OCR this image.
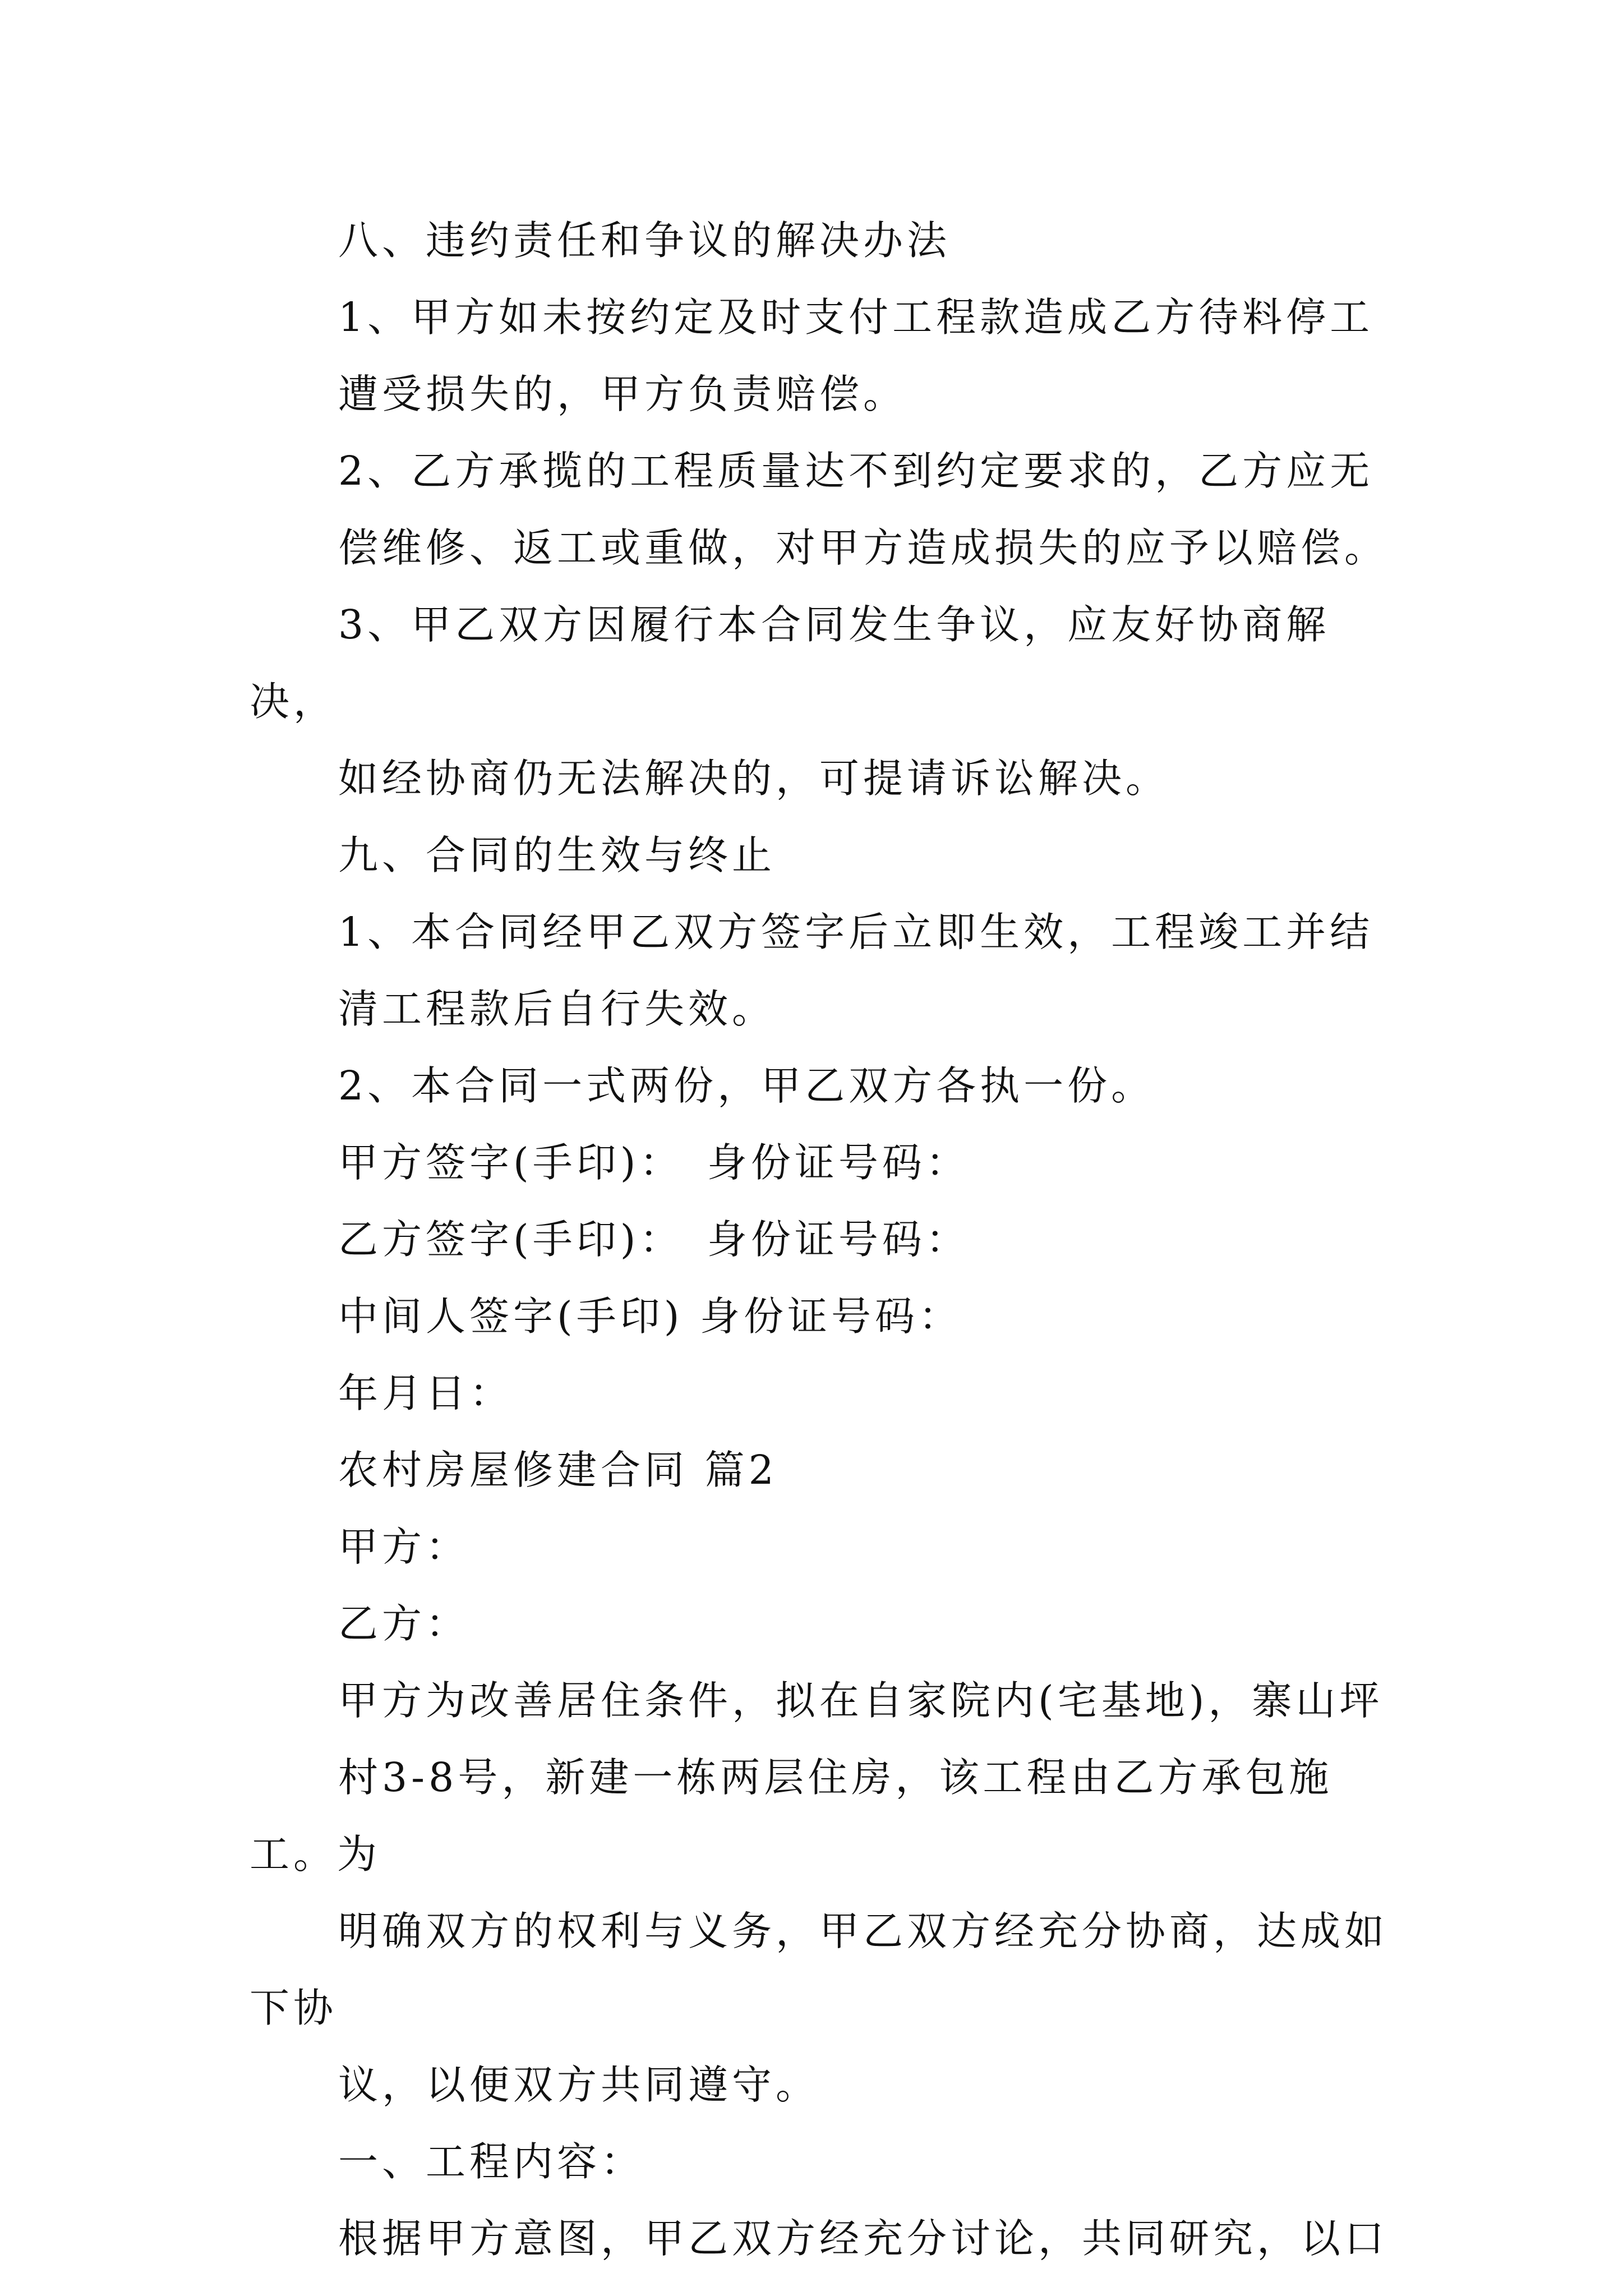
八、违约责任和争议的解决办法
1、甲方如未按约定及时支付工程款造成乙方待料停工
遭受损失的，甲方负责赔偿。
2、乙方承揽的工程质量达不到约定要求的，乙方应无
偿维修、返工或重做，对甲方造成损失的应予以赔偿。
3、甲乙双方因履行本合同发生争议，应友好协商解决，
如经协商仍无法解决的，可提请诉讼解决。
九、合同的生效与终止
1、本合同经甲乙双方签字后立即生效，工程竣工并结
清工程款后自行失效。
2、本合同一式两份，甲乙双方各执一份。
甲方签字(手印)：　身份证号码：
乙方签字(手印)：　身份证号码：
中间人签字(手印) 身份证号码：
年月日：
农村房屋修建合同 篇2
甲方：
乙方：
甲方为改善居住条件，拟在自家院内(宅基地)，寨山坪
村3-8号，新建一栋两层住房，该工程由乙方承包施工。为
明确双方的权利与义务，甲乙双方经充分协商，达成如下协
议，以便双方共同遵守。
一、工程内容：
根据甲方意图，甲乙双方经充分讨论，共同研究，以口
